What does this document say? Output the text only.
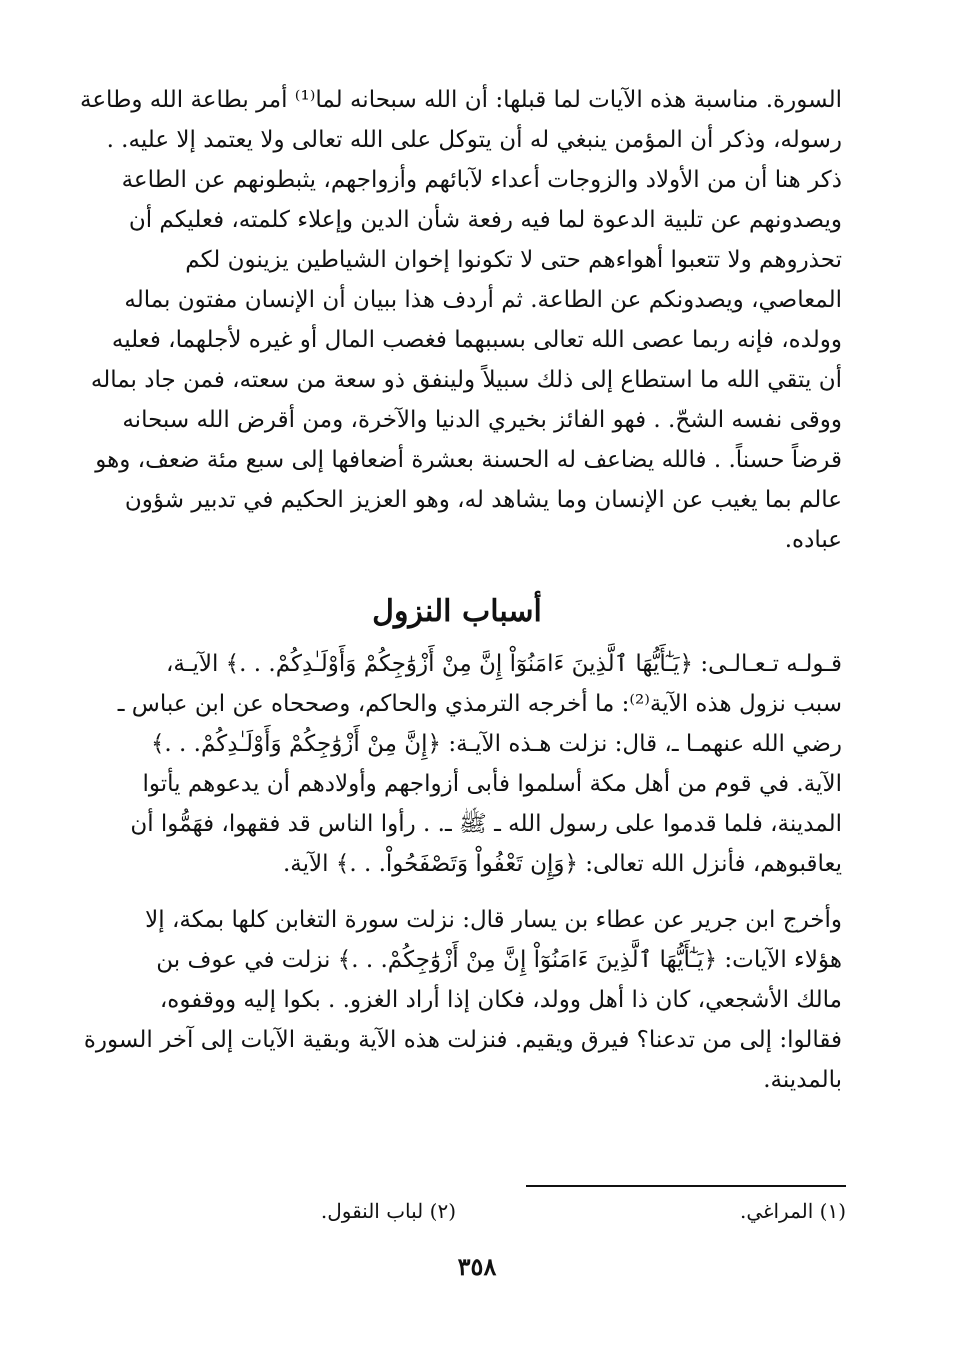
السورة. مناسبة هذه الآيات لما قبلها: أن الله سبحانه لما⁽¹⁾ أمر بطاعة الله وطاعة

رسوله، وذكر أن المؤمن ينبغي له أن يتوكل على الله تعالى ولا يعتمد إلا عليه. .

ذكر هنا أن من الأولاد والزوجات أعداء لآبائهم وأزواجهم، يثبطونهم عن الطاعة

ويصدونهم عن تلبية الدعوة لما فيه رفعة شأن الدين وإعلاء كلمته، فعليكم أن

تحذروهم ولا تتعبوا أهواءهم حتى لا تكونوا إخوان الشياطين يزينون لكم

المعاصي، ويصدونكم عن الطاعة. ثم أردف هذا ببيان أن الإنسان مفتون بماله

وولده، فإنه ربما عصى الله تعالى بسببهما فغصب المال أو غيره لأجلهما، فعليه

أن يتقي الله ما استطاع إلى ذلك سبيلاً ولينفق ذو سعة من سعته، فمن جاد بماله

ووقى نفسه الشحّ. . فهو الفائز بخيري الدنيا والآخرة، ومن أقرض الله سبحانه

قرضاً حسناً. . فالله يضاعف له الحسنة بعشرة أضعافها إلى سبع مئة ضعف، وهو

عالم بما يغيب عن الإنسان وما يشاهد له، وهو العزيز الحكيم في تدبير شؤون

عباده.

أسباب النزول

قـولـه تـعـالـى: ﴿يَـٰٓأَيُّهَا ٱلَّذِينَ ءَامَنُوٓاْ إِنَّ مِنْ أَزْوَٰجِكُمْ وَأَوْلَـٰدِكُمْ. . .﴾ الآيـة،

سبب نزول هذه الآية⁽²⁾: ما أخرجه الترمذي والحاكم، وصححاه عن ابن عباس ـ

رضي الله عنهمـا ـ، قال: نزلت هـذه الآيـة: ﴿إِنَّ مِنْ أَزْوَٰجِكُمْ وَأَوْلَـٰدِكُمْ. . .﴾

الآية. في قوم من أهل مكة أسلموا فأبى أزواجهم وأولادهم أن يدعوهم يأتوا

المدينة، فلما قدموا على رسول الله ـ ﷺ ـ. . رأوا الناس قد فقهوا، فهَمُّوا أن

يعاقبوهم، فأنزل الله تعالى: ﴿وَإِن تَعْفُواْ وَتَصْفَحُواْ. . .﴾ الآية.

وأخرج ابن جرير عن عطاء بن يسار قال: نزلت سورة التغابن كلها بمكة، إلا

هؤلاء الآيات: ﴿يَـٰٓأَيُّهَا ٱلَّذِينَ ءَامَنُوٓاْ إِنَّ مِنْ أَزْوَٰجِكُمْ. . .﴾ نزلت في عوف بن

مالك الأشجعي، كان ذا أهل وولد، فكان إذا أراد الغزو. . بكوا إليه ووقفوه،

فقالوا: إلى من تدعنا؟ فيرق ويقيم. فنزلت هذه الآية وبقية الآيات إلى آخر السورة

بالمدينة.

(١) المراغي.
(٢) لباب النقول.
٣٥٨
